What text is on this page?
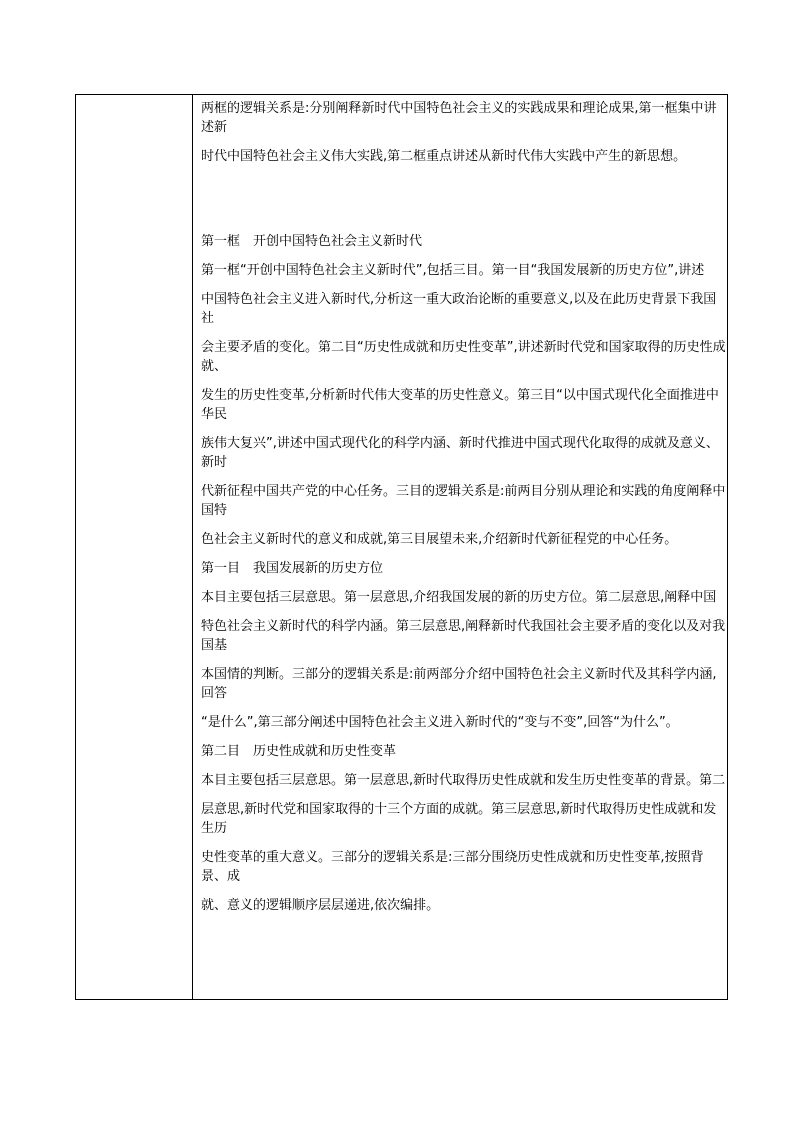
两框的逻辑关系是:分别阐释新时代中国特色社会主义的实践成果和理论成果,第一框集中讲述新

时代中国特色社会主义伟大实践,第二框重点讲述从新时代伟大实践中产生的新思想。

第一框　开创中国特色社会主义新时代

第一框“开创中国特色社会主义新时代”,包括三目。第一目“我国发展新的历史方位”,讲述

中国特色社会主义进入新时代,分析这一重大政治论断的重要意义,以及在此历史背景下我国社

会主要矛盾的变化。第二目“历史性成就和历史性变革”,讲述新时代党和国家取得的历史性成就、

发生的历史性变革,分析新时代伟大变革的历史性意义。第三目“以中国式现代化全面推进中华民

族伟大复兴”,讲述中国式现代化的科学内涵、新时代推进中国式现代化取得的成就及意义、新时

代新征程中国共产党的中心任务。三目的逻辑关系是:前两目分别从理论和实践的角度阐释中国特

色社会主义新时代的意义和成就,第三目展望未来,介绍新时代新征程党的中心任务。

第一目　我国发展新的历史方位

本目主要包括三层意思。第一层意思,介绍我国发展的新的历史方位。第二层意思,阐释中国

特色社会主义新时代的科学内涵。第三层意思,阐释新时代我国社会主要矛盾的变化以及对我国基

本国情的判断。三部分的逻辑关系是:前两部分介绍中国特色社会主义新时代及其科学内涵,回答

“是什么”,第三部分阐述中国特色社会主义进入新时代的“变与不变”,回答“为什么”。

第二目　历史性成就和历史性变革

本目主要包括三层意思。第一层意思,新时代取得历史性成就和发生历史性变革的背景。第二

层意思,新时代党和国家取得的十三个方面的成就。第三层意思,新时代取得历史性成就和发生历

史性变革的重大意义。三部分的逻辑关系是:三部分围绕历史性成就和历史性变革,按照背景、成

就、意义的逻辑顺序层层递进,依次编排。
